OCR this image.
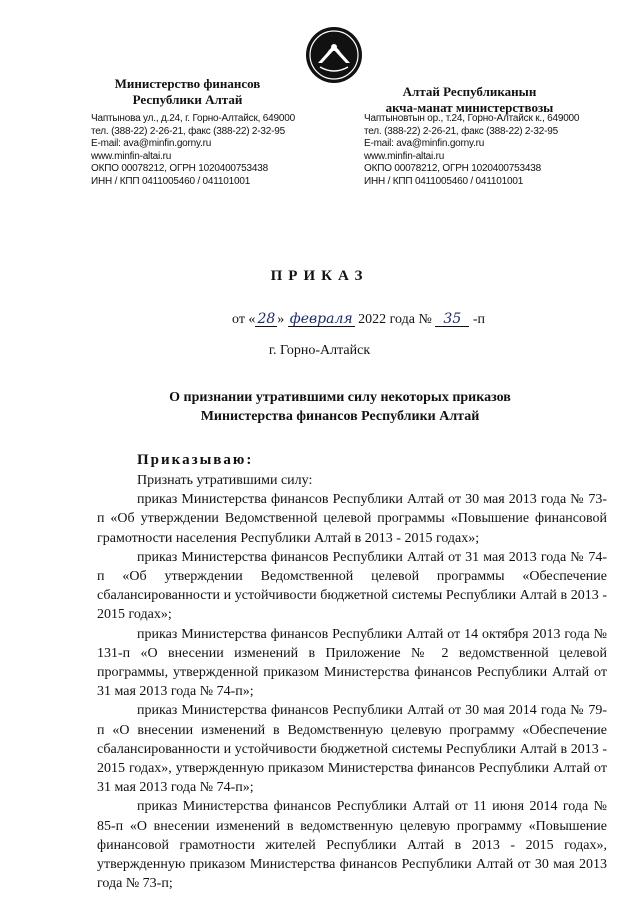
Министерство финансов
Республики Алтай
Чаптынова ул., д.24, г. Горно-Алтайск, 649000
тел. (388-22) 2-26-21, факс (388-22) 2-32-95
E-mail: ava@minfin.gorny.ru
www.minfin-altai.ru
ОКПО 00078212, ОГРН 1020400753438
ИНН / КПП 0411005460 / 041101001
Алтай Республиканын
акча-манат министерствозы
Чаптыновтын ор., т.24, Горно-Алтайск к., 649000
тел. (388-22) 2-26-21, факс (388-22) 2-32-95
E-mail: ava@minfin.gorny.ru
www.minfin-altai.ru
ОКПО 00078212, ОГРН 1020400753438
ИНН / КПП 0411005460 / 041101001
ПРИКАЗ
от « 28 » февраля 2022 года № 35 -п
г. Горно-Алтайск
О признании утратившими силу некоторых приказов
Министерства финансов Республики Алтай
Приказываю:

Признать утратившими силу:

приказ Министерства финансов Республики Алтай от 30 мая 2013 года № 73-п «Об утверждении Ведомственной целевой программы «Повышение финансовой грамотности населения Республики Алтай в 2013 - 2015 годах»;

приказ Министерства финансов Республики Алтай от 31 мая 2013 года № 74-п «Об утверждении Ведомственной целевой программы «Обеспечение сбалансированности и устойчивости бюджетной системы Республики Алтай в 2013 - 2015 годах»;

приказ Министерства финансов Республики Алтай от 14 октября 2013 года № 131-п «О внесении изменений в Приложение № 2 ведомственной целевой программы, утвержденной приказом Министерства финансов Республики Алтай от 31 мая 2013 года № 74-п»;

приказ Министерства финансов Республики Алтай от 30 мая 2014 года № 79-п «О внесении изменений в Ведомственную целевую программу «Обеспечение сбалансированности и устойчивости бюджетной системы Республики Алтай в 2013 - 2015 годах», утвержденную приказом Министерства финансов Республики Алтай от 31 мая 2013 года № 74-п»;

приказ Министерства финансов Республики Алтай от 11 июня 2014 года № 85-п «О внесении изменений в ведомственную целевую программу «Повышение финансовой грамотности жителей Республики Алтай в 2013 - 2015 годах», утвержденную приказом Министерства финансов Республики Алтай от 30 мая 2013 года № 73-п;
